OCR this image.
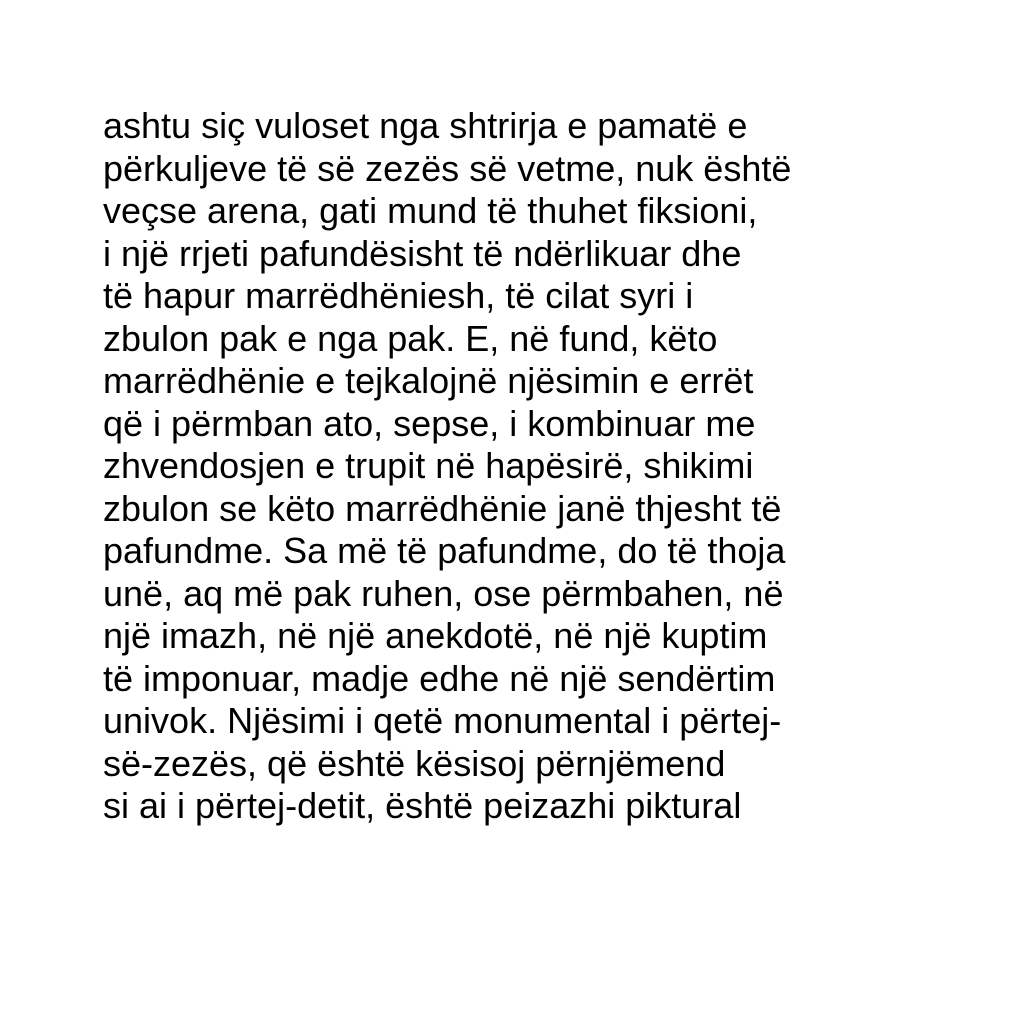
ashtu siç vuloset nga shtrirja e pamatë e
përkuljeve të së zezës së vetme, nuk është
veçse arena, gati mund të thuhet fiksioni,
i një rrjeti pafundësisht të ndërlikuar dhe
të hapur marrëdhëniesh, të cilat syri i
zbulon pak e nga pak. E, në fund, këto
marrëdhënie e tejkalojnë njësimin e errët
që i përmban ato, sepse, i kombinuar me
zhvendosjen e trupit në hapësirë, shikimi
zbulon se këto marrëdhënie janë thjesht të
pafundme. Sa më të pafundme, do të thoja
unë, aq më pak ruhen, ose përmbahen, në
një imazh, në një anekdotë, në një kuptim
të imponuar, madje edhe në një sendërtim
univok. Njësimi i qetë monumental i përtej-
së-zezës, që është kësisoj përnjëmend
si ai i përtej-detit, është peizazhi piktural
